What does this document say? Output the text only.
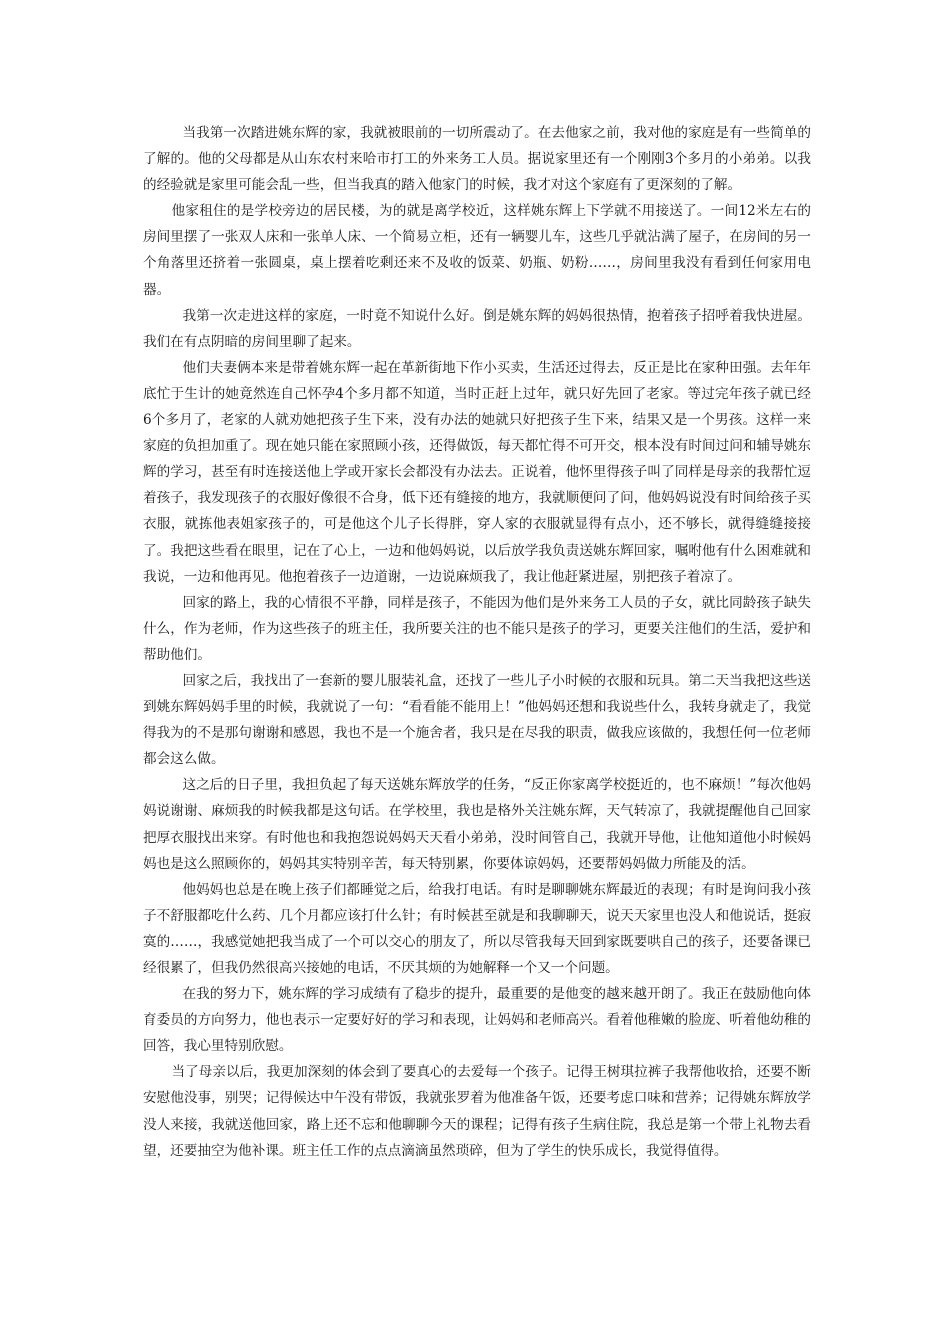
当我第一次踏进姚东辉的家，我就被眼前的一切所震动了。在去他家之前，我对他的家庭是有一些简单的了解的。他的父母都是从山东农村来哈市打工的外来务工人员。据说家里还有一个刚刚3个多月的小弟弟。以我的经验就是家里可能会乱一些，但当我真的踏入他家门的时候，我才对这个家庭有了更深刻的了解。

他家租住的是学校旁边的居民楼，为的就是离学校近，这样姚东辉上下学就不用接送了。一间12米左右的房间里摆了一张双人床和一张单人床、一个简易立柜，还有一辆婴儿车，这些几乎就沾满了屋子，在房间的另一个角落里还挤着一张圆桌，桌上摆着吃剩还来不及收的饭菜、奶瓶、奶粉……，房间里我没有看到任何家用电器。

我第一次走进这样的家庭，一时竟不知说什么好。倒是姚东辉的妈妈很热情，抱着孩子招呼着我快进屋。我们在有点阴暗的房间里聊了起来。

他们夫妻俩本来是带着姚东辉一起在革新街地下作小买卖，生活还过得去，反正是比在家种田强。去年年底忙于生计的她竟然连自己怀孕4个多月都不知道，当时正赶上过年，就只好先回了老家。等过完年孩子就已经6个多月了，老家的人就劝她把孩子生下来，没有办法的她就只好把孩子生下来，结果又是一个男孩。这样一来家庭的负担加重了。现在她只能在家照顾小孩，还得做饭，每天都忙得不可开交，根本没有时间过问和辅导姚东辉的学习，甚至有时连接送他上学或开家长会都没有办法去。正说着，他怀里得孩子叫了同样是母亲的我帮忙逗着孩子，我发现孩子的衣服好像很不合身，低下还有缝接的地方，我就顺便问了问，他妈妈说没有时间给孩子买衣服，就拣他表姐家孩子的，可是他这个儿子长得胖，穿人家的衣服就显得有点小，还不够长，就得缝缝接接了。我把这些看在眼里，记在了心上，一边和他妈妈说，以后放学我负责送姚东辉回家，嘱咐他有什么困难就和我说，一边和他再见。他抱着孩子一边道谢，一边说麻烦我了，我让他赶紧进屋，别把孩子着凉了。

回家的路上，我的心情很不平静，同样是孩子，不能因为他们是外来务工人员的子女，就比同龄孩子缺失什么，作为老师，作为这些孩子的班主任，我所要关注的也不能只是孩子的学习，更要关注他们的生活，爱护和帮助他们。

回家之后，我找出了一套新的婴儿服装礼盒，还找了一些儿子小时候的衣服和玩具。第二天当我把这些送到姚东辉妈妈手里的时候，我就说了一句：“看看能不能用上！”他妈妈还想和我说些什么，我转身就走了，我觉得我为的不是那句谢谢和感恩，我也不是一个施舍者，我只是在尽我的职责，做我应该做的，我想任何一位老师都会这么做。

这之后的日子里，我担负起了每天送姚东辉放学的任务，“反正你家离学校挺近的，也不麻烦！”每次他妈妈说谢谢、麻烦我的时候我都是这句话。在学校里，我也是格外关注姚东辉，天气转凉了，我就提醒他自己回家把厚衣服找出来穿。有时他也和我抱怨说妈妈天天看小弟弟，没时间管自己，我就开导他，让他知道他小时候妈妈也是这么照顾你的，妈妈其实特别辛苦，每天特别累，你要体谅妈妈，还要帮妈妈做力所能及的活。

他妈妈也总是在晚上孩子们都睡觉之后，给我打电话。有时是聊聊姚东辉最近的表现；有时是询问我小孩子不舒服都吃什么药、几个月都应该打什么针；有时候甚至就是和我聊聊天，说天天家里也没人和他说话，挺寂寞的……，我感觉她把我当成了一个可以交心的朋友了，所以尽管我每天回到家既要哄自己的孩子，还要备课已经很累了，但我仍然很高兴接她的电话，不厌其烦的为她解释一个又一个问题。

在我的努力下，姚东辉的学习成绩有了稳步的提升，最重要的是他变的越来越开朗了。我正在鼓励他向体育委员的方向努力，他也表示一定要好好的学习和表现，让妈妈和老师高兴。看着他稚嫩的脸庞、听着他幼稚的回答，我心里特别欣慰。

当了母亲以后，我更加深刻的体会到了要真心的去爱每一个孩子。记得王树琪拉裤子我帮他收拾，还要不断安慰他没事，别哭；记得候达中午没有带饭，我就张罗着为他准备午饭，还要考虑口味和营养；记得姚东辉放学没人来接，我就送他回家，路上还不忘和他聊聊今天的课程；记得有孩子生病住院，我总是第一个带上礼物去看望，还要抽空为他补课。班主任工作的点点滴滴虽然琐碎，但为了学生的快乐成长，我觉得值得。
